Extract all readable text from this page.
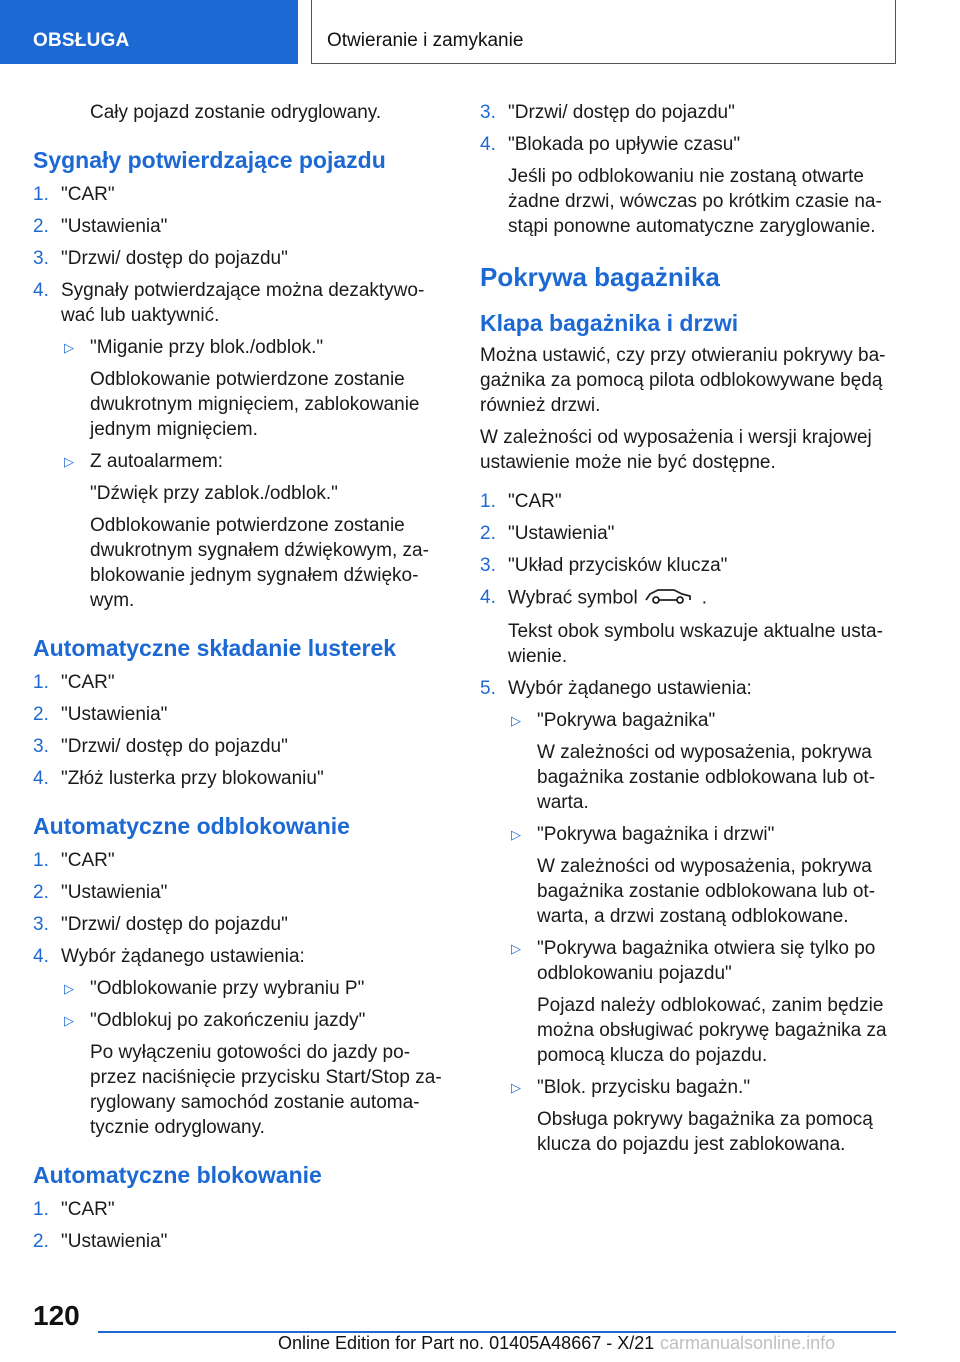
OBSŁUGA	Otwieranie i zamykanie
Cały pojazd zostanie odryglowany.
Sygnały potwierdzające pojazdu
1. "CAR"
2. "Ustawienia"
3. "Drzwi/ dostęp do pojazdu"
4. Sygnały potwierdzające można dezaktywować lub uaktywnić.
▷ "Miganie przy blok./odblok."
Odblokowanie potwierdzone zostanie dwukrotnym mignięciem, zablokowanie jednym mignięciem.
▷ Z autoalarmem:
"Dźwięk przy zablok./odblok."
Odblokowanie potwierdzone zostanie dwukrotnym sygnałem dźwiękowym, zablokowanie jednym sygnałem dźwiękowym.
Automatyczne składanie lusterek
1. "CAR"
2. "Ustawienia"
3. "Drzwi/ dostęp do pojazdu"
4. "Złóż lusterka przy blokowaniu"
Automatyczne odblokowanie
1. "CAR"
2. "Ustawienia"
3. "Drzwi/ dostęp do pojazdu"
4. Wybór żądanego ustawienia:
▷ "Odblokowanie przy wybraniu P"
▷ "Odblokuj po zakończeniu jazdy"
Po wyłączeniu gotowości do jazdy poprzez naciśnięcie przycisku Start/Stop zaryglowany samochód zostanie automatycznie odryglowany.
Automatyczne blokowanie
1. "CAR"
2. "Ustawienia"
3. "Drzwi/ dostęp do pojazdu"
4. "Blokada po upływie czasu"
Jeśli po odblokowaniu nie zostaną otwarte żadne drzwi, wówczas po krótkim czasie nastąpi ponowne automatyczne zaryglowanie.
Pokrywa bagażnika
Klapa bagażnika i drzwi
Można ustawić, czy przy otwieraniu pokrywy bagażnika za pomocą pilota odblokowywane będą również drzwi.
W zależności od wyposażenia i wersji krajowej ustawienie może nie być dostępne.
1. "CAR"
2. "Ustawienia"
3. "Układ przycisków klucza"
4. Wybrać symbol	.
Tekst obok symbolu wskazuje aktualne ustawienie.
5. Wybór żądanego ustawienia:
▷ "Pokrywa bagażnika"
W zależności od wyposażenia, pokrywa bagażnika zostanie odblokowana lub otwarta.
▷ "Pokrywa bagażnika i drzwi"
W zależności od wyposażenia, pokrywa bagażnika zostanie odblokowana lub otwarta, a drzwi zostaną odblokowane.
▷ "Pokrywa bagażnika otwiera się tylko po odblokowaniu pojazdu"
Pojazd należy odblokować, zanim będzie można obsługiwać pokrywę bagażnika za pomocą klucza do pojazdu.
▷ "Blok. przycisku bagażn."
Obsługa pokrywy bagażnika za pomocą klucza do pojazdu jest zablokowana.
120
Online Edition for Part no. 01405A48667 - X/21 carmanualsonline.info
